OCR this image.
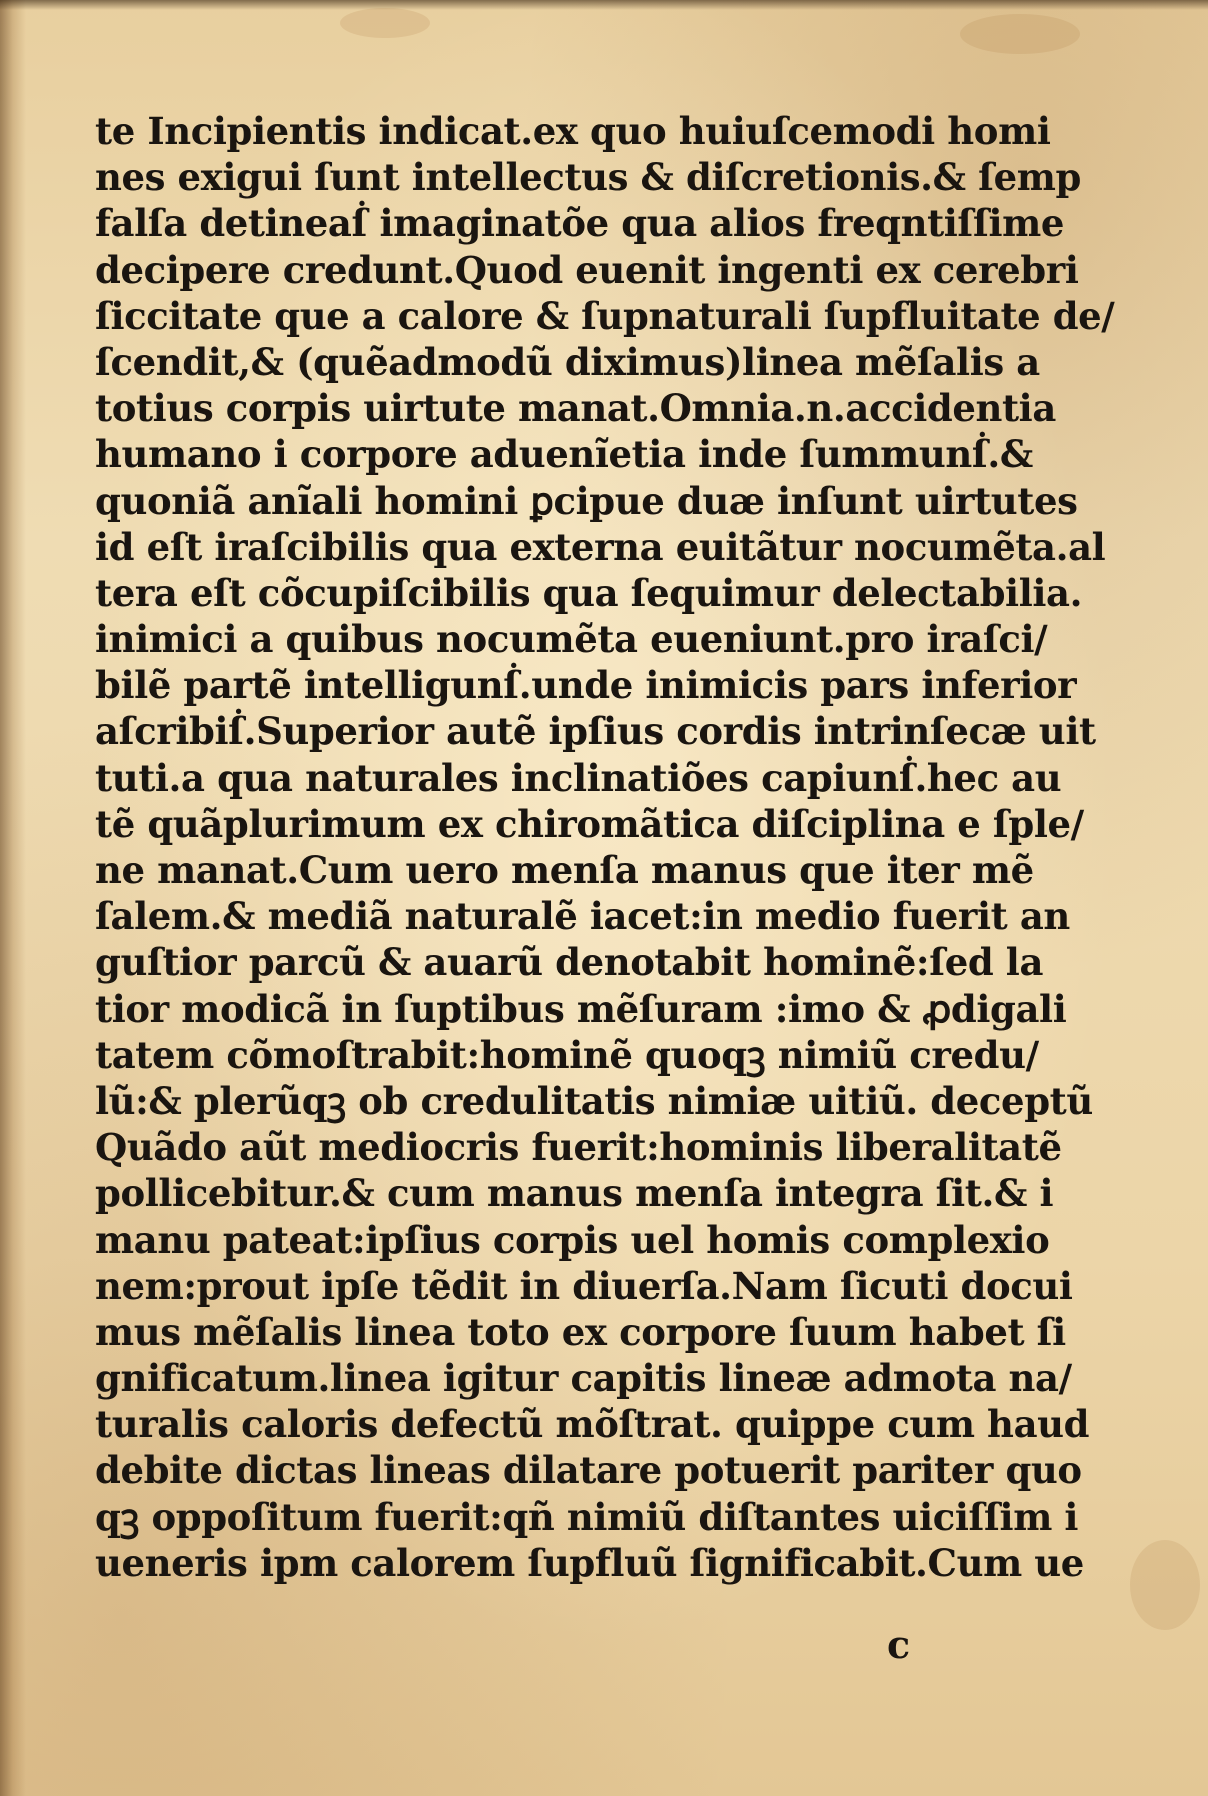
te Incipientis indicat.ex quo huiuſcemodi homi
nes exigui ſunt intellectus & diſcretionis.& ſemp
falſa detineaẛ imaginatõe qua alios freqntiſſime
decipere credunt.Quod euenit ingenti ex cerebri
ſiccitate que a calore & ſupnaturali ſupfluitate de/
ſcendit,& (quẽadmodũ diximus)linea mẽſalis a
totius corpis uirtute manat.Omnia.n.accidentia
humano i corpore aduenĩetia inde ſummunẛ.&
quoniã anĩali homini ꝑcipue duæ inſunt uirtutes
id eſt iraſcibilis qua externa euitãtur nocumẽta.al
tera eſt cõcupiſcibilis qua ſequimur delectabilia.
inimici a quibus nocumẽta eueniunt.pro iraſci/
bilẽ partẽ intelligunẛ.unde inimicis pars inferior
aſcribiẛ.Superior autẽ ipſius cordis intrinſecæ uit
tuti.a qua naturales inclinatiões capiunẛ.hec au
tẽ quãplurimum ex chiromãtica diſciplina e ſple/
ne manat.Cum uero menſa manus que iter mẽ
ſalem.& mediã naturalẽ iacet:in medio fuerit an
guſtior parcũ & auarũ denotabit hominẽ:ſed la
tior modicã in ſuptibus mẽſuram :imo & ꝓdigali
tatem cõmoſtrabit:hominẽ quoqꝫ nimiũ credu/
lũ:& plerũqꝫ ob credulitatis nimiæ uitiũ. deceptũ
Quãdo aũt mediocris fuerit:hominis liberalitatẽ
pollicebitur.& cum manus menſa integra ſit.& i
manu pateat:ipſius corpis uel homis complexio
nem:prout ipſe tẽdit in diuerſa.Nam ſicuti docui
mus mẽſalis linea toto ex corpore ſuum habet ſi
gnificatum.linea igitur capitis lineæ admota na/
turalis caloris defectũ mõſtrat. quippe cum haud
debite dictas lineas dilatare potuerit pariter quo
qꝫ oppoſitum fuerit:qñ nimiũ diſtantes uiciſſim i
ueneris ipm calorem ſupfluũ ſignificabit.Cum ue
c
